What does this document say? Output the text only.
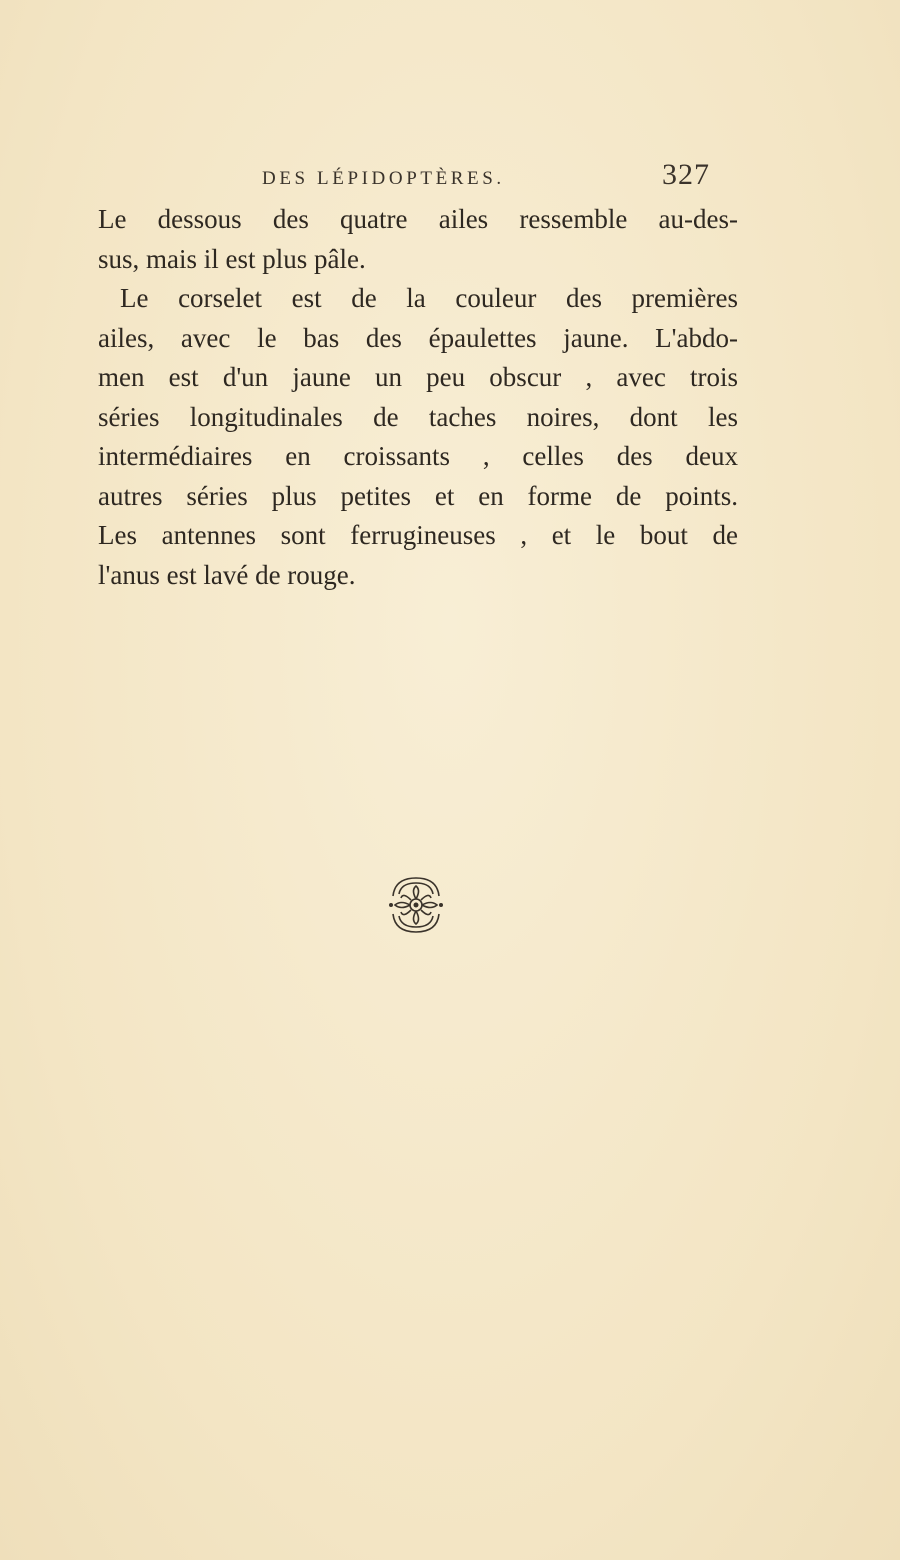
DES LÉPIDOPTÈRES.	327
Le dessous des quatre ailes ressemble au-des-
sus, mais il est plus pâle.
Le corselet est de la couleur des premières
ailes, avec le bas des épaulettes jaune. L'abdo-
men est d'un jaune un peu obscur , avec trois
séries longitudinales de taches noires, dont les
intermédiaires en croissants , celles des deux
autres séries plus petites et en forme de points.
Les antennes sont ferrugineuses , et le bout de
l'anus est lavé de rouge.
